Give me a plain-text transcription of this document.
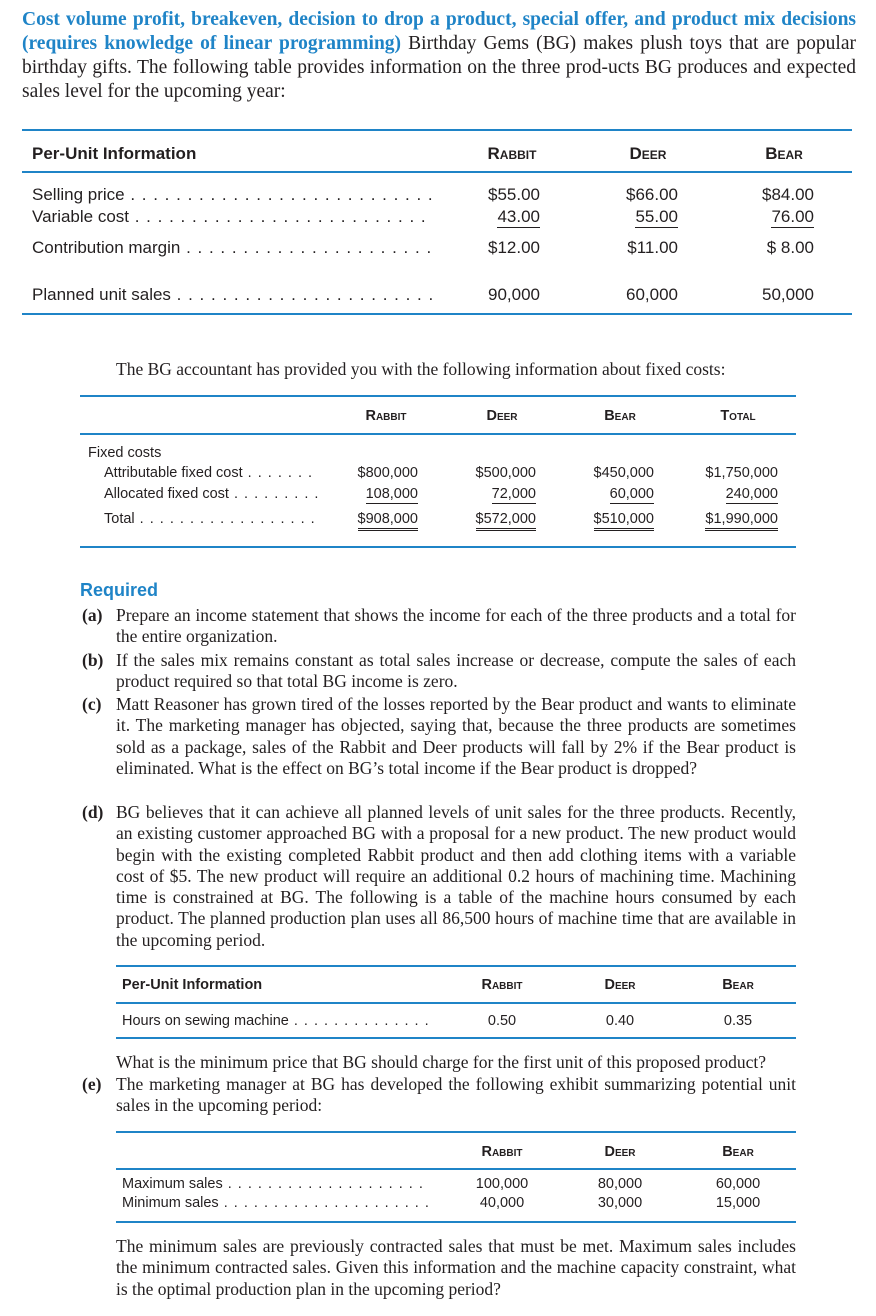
Cost volume profit, breakeven, decision to drop a product, special offer, and product mix decisions (requires knowledge of linear programming) Birthday Gems (BG) makes plush toys that are popular birthday gifts. The following table provides information on the three prod-ucts BG produces and expected sales level for the upcoming year:
Per-Unit Information	Rabbit	Deer	Bear
Selling price . . .	$55.00	$66.00	$84.00
Variable cost . . .	43.00	55.00	76.00
Contribution margin . . .	$12.00	$11.00	$ 8.00
Planned unit sales . . .	90,000	60,000	50,000
The BG accountant has provided you with the following information about fixed costs:
Rabbit	Deer	Bear	Total
Fixed costs
Attributable fixed cost . . .	$800,000	$500,000	$450,000	$1,750,000
Allocated fixed cost . . .	108,000	72,000	60,000	240,000
Total . . .	$908,000	$572,000	$510,000	$1,990,000
Required
(a) Prepare an income statement that shows the income for each of the three products and a total for the entire organization.
(b) If the sales mix remains constant as total sales increase or decrease, compute the sales of each product required so that total BG income is zero.
(c) Matt Reasoner has grown tired of the losses reported by the Bear product and wants to eliminate it. The marketing manager has objected, saying that, because the three products are sometimes sold as a package, sales of the Rabbit and Deer products will fall by 2% if the Bear product is eliminated. What is the effect on BG’s total income if the Bear product is dropped?
(d) BG believes that it can achieve all planned levels of unit sales for the three products. Recently, an existing customer approached BG with a proposal for a new product. The new product would begin with the existing completed Rabbit product and then add clothing items with a variable cost of $5. The new product will require an additional 0.2 hours of machining time. Machining time is constrained at BG. The following is a table of the machine hours consumed by each product. The planned production plan uses all 86,500 hours of machine time that are available in the upcoming period.
Per-Unit Information	Rabbit	Deer	Bear
Hours on sewing machine . . .	0.50	0.40	0.35
What is the minimum price that BG should charge for the first unit of this proposed product?
(e) The marketing manager at BG has developed the following exhibit summarizing potential unit sales in the upcoming period:
Rabbit	Deer	Bear
Maximum sales . . .	100,000	80,000	60,000
Minimum sales . . .	40,000	30,000	15,000
The minimum sales are previously contracted sales that must be met. Maximum sales includes the minimum contracted sales. Given this information and the machine capacity constraint, what is the optimal production plan in the upcoming period?
